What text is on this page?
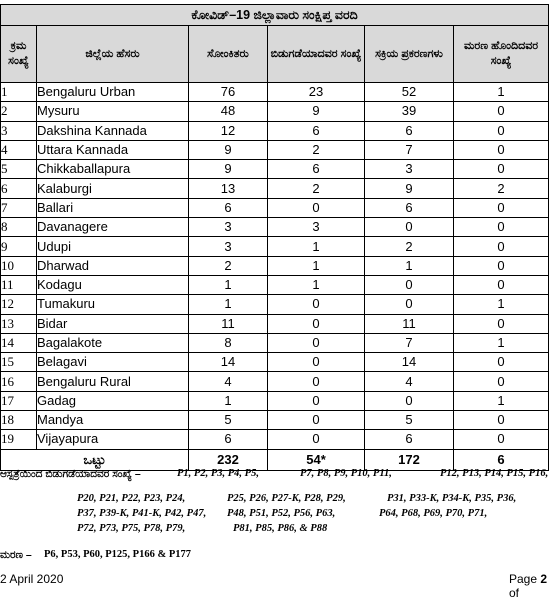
ಕೋವಿಡ್–19 ಜಿಲ್ಲಾವಾರು ಸಂಕ್ಷಿಪ್ತ ವರದಿ					
ಕ್ರಮ ಸಂಖ್ಯೆ	ಜಿಲ್ಲೆಯ ಹೆಸರು	ಸೋಂಕಿತರು	ಬಿಡುಗಡೆಯಾದವರ ಸಂಖ್ಯೆ	ಸಕ್ರಿಯ ಪ್ರಕರಣಗಳು	ಮರಣ ಹೊಂದಿದವರ ಸಂಖ್ಯೆ
1	Bengaluru Urban	76	23	52	1
2	Mysuru	48	9	39	0
3	Dakshina Kannada	12	6	6	0
4	Uttara Kannada	9	2	7	0
5	Chikkaballapura	9	6	3	0
6	Kalaburgi	13	2	9	2
7	Ballari	6	0	6	0
8	Davanagere	3	3	0	0
9	Udupi	3	1	2	0
10	Dharwad	2	1	1	0
11	Kodagu	1	1	0	0
12	Tumakuru	1	0	0	1
13	Bidar	11	0	11	0
14	Bagalakote	8	0	7	1
15	Belagavi	14	0	14	0
16	Bengaluru Rural	4	0	4	0
17	Gadag	1	0	0	1
18	Mandya	5	0	5	0
19	Vijayapura	6	0	6	0
ಒಟ್ಟು		232	54*	172	6
ಆಸ್ಪತ್ರೆಯಿಂದ ಬಿಡುಗಡೆಯಾದವರ ಸಂಖ್ಯೆ –	P1, P2, P3, P4, P5,	P7, P8, P9, P10, P11,	P12, P13, P14, P15, P16,
P20, P21, P22, P23, P24,	P25, P26, P27-K, P28, P29,	P31, P33-K, P34-K, P35, P36,
P37, P39-K, P41-K, P42, P47, P48, P51, P52, P56, P63,	P64, P68, P69, P70, P71,
P72, P73, P75, P78, P79,	P81, P85, P86, & P88
ಮರಣ – P6, P53, P60, P125, P166 & P177
2 April 2020	Page 2 of
